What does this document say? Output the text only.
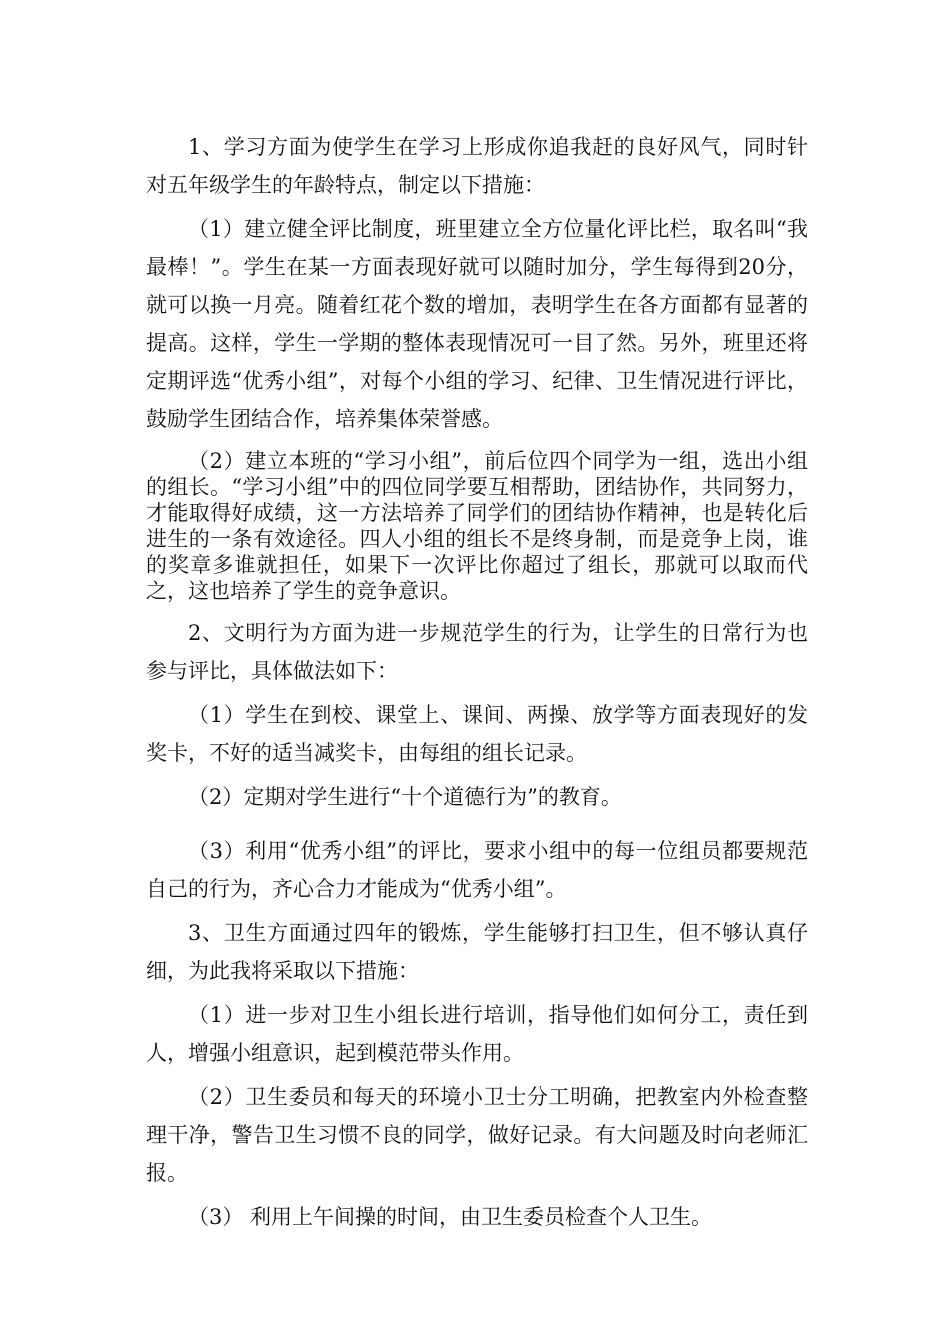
1、学习方面为使学生在学习上形成你追我赶的良好风气，同时针对五年级学生的年龄特点，制定以下措施：

（1）建立健全评比制度，班里建立全方位量化评比栏，取名叫“我最棒！”。学生在某一方面表现好就可以随时加分，学生每得到20分，就可以换一月亮。随着红花个数的增加，表明学生在各方面都有显著的提高。这样，学生一学期的整体表现情况可一目了然。另外，班里还将定期评选“优秀小组”，对每个小组的学习、纪律、卫生情况进行评比，鼓励学生团结合作，培养集体荣誉感。

（2）建立本班的“学习小组”，前后位四个同学为一组，选出小组的组长。“学习小组”中的四位同学要互相帮助，团结协作，共同努力，才能取得好成绩，这一方法培养了同学们的团结协作精神，也是转化后进生的一条有效途径。四人小组的组长不是终身制，而是竞争上岗，谁的奖章多谁就担任，如果下一次评比你超过了组长，那就可以取而代之，这也培养了学生的竞争意识。

2、文明行为方面为进一步规范学生的行为，让学生的日常行为也参与评比，具体做法如下：

（1）学生在到校、课堂上、课间、两操、放学等方面表现好的发奖卡，不好的适当减奖卡，由每组的组长记录。

（2）定期对学生进行“十个道德行为”的教育。

（3）利用“优秀小组”的评比，要求小组中的每一位组员都要规范自己的行为，齐心合力才能成为“优秀小组”。

3、卫生方面通过四年的锻炼，学生能够打扫卫生，但不够认真仔细，为此我将采取以下措施：

（1）进一步对卫生小组长进行培训，指导他们如何分工，责任到人，增强小组意识，起到模范带头作用。

（2）卫生委员和每天的环境小卫士分工明确，把教室内外检查整理干净，警告卫生习惯不良的同学，做好记录。有大问题及时向老师汇报。

（3） 利用上午间操的时间，由卫生委员检查个人卫生。
